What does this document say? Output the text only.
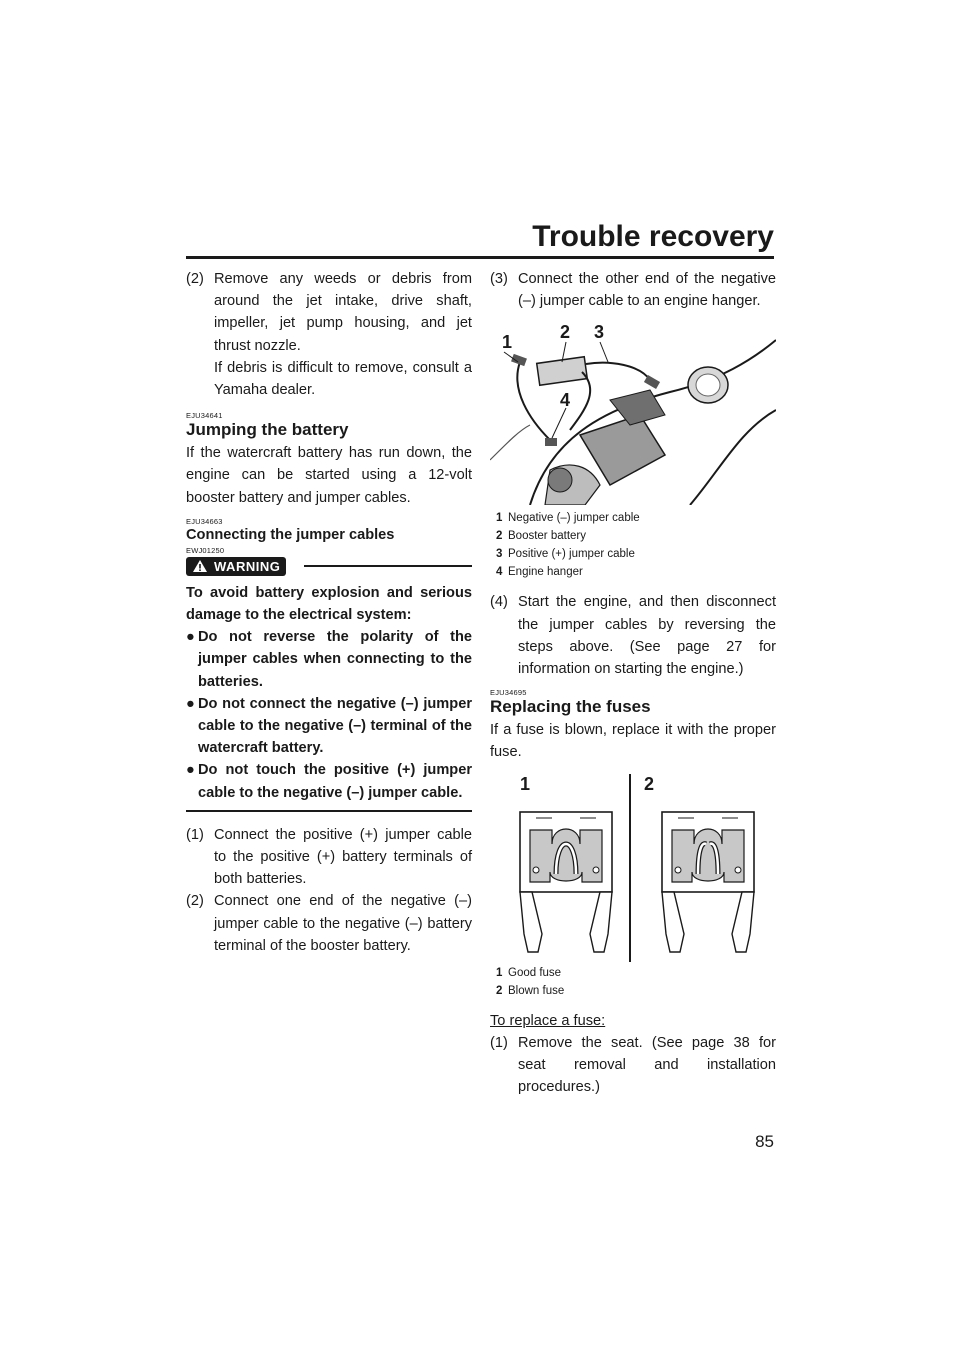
Trouble recovery
(2) Remove any weeds or debris from around the jet intake, drive shaft, impeller, jet pump housing, and jet thrust nozzle.
If debris is difficult to remove, consult a Yamaha dealer.
EJU34641
Jumping the battery

If the watercraft battery has run down, the engine can be started using a 12-volt booster battery and jumper cables.

EJU34663
Connecting the jumper cables
EWJ01250
WARNING

To avoid battery explosion and serious damage to the electrical system:

● Do not reverse the polarity of the jumper cables when connecting to the batteries.
● Do not connect the negative (–) jumper cable to the negative (–) terminal of the watercraft battery.
● Do not touch the positive (+) jumper cable to the negative (–) jumper cable.
(1) Connect the positive (+) jumper cable to the positive (+) battery terminals of both batteries.
(2) Connect one end of the negative (–) jumper cable to the negative (–) battery terminal of the booster battery.
(3) Connect the other end of the negative (–) jumper cable to an engine hanger.
1	2 3
4
1 Negative (–) jumper cable
2 Booster battery
3 Positive (+) jumper cable
4 Engine hanger
(4) Start the engine, and then disconnect the jumper cables by reversing the steps above. (See page 27 for information on starting the engine.)
EJU34695
Replacing the fuses

If a fuse is blown, replace it with the proper fuse.

1	2
1 Good fuse
2 Blown fuse
To replace a fuse:
(1) Remove the seat. (See page 38 for seat removal and installation procedures.)
85
